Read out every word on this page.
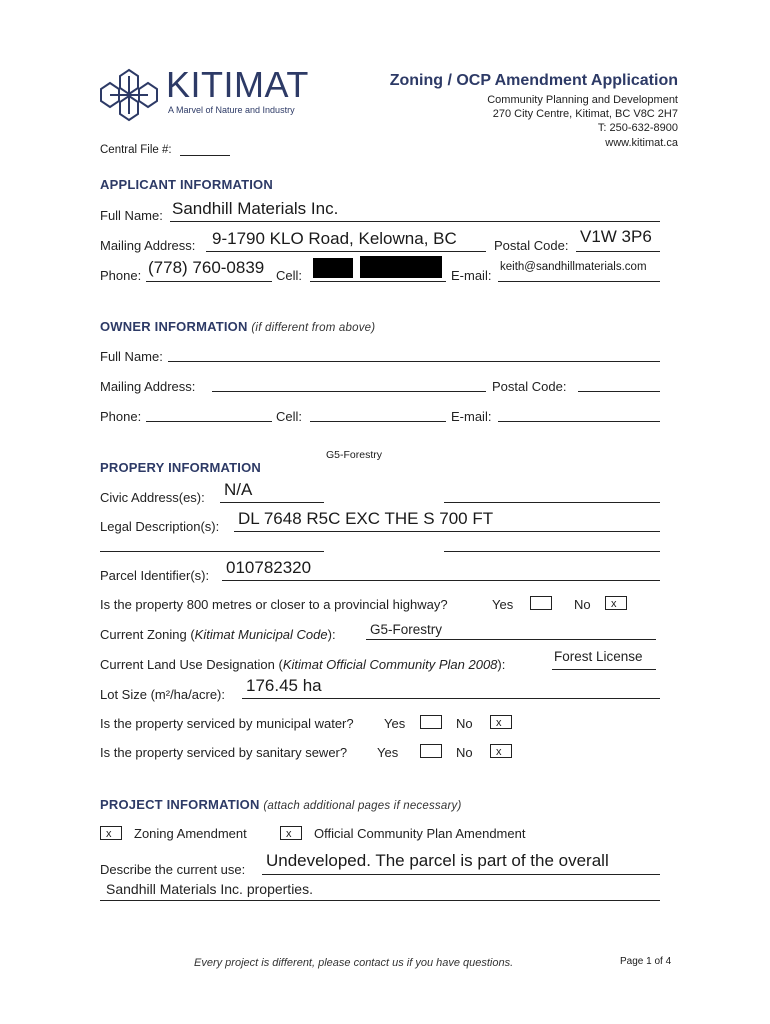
KITIMAT
A Marvel of Nature and Industry
Zoning / OCP Amendment Application
Community Planning and Development
270 City Centre, Kitimat, BC V8C 2H7
T: 250-632-8900
www.kitimat.ca
Central File #:
APPLICANT INFORMATION
Full Name: Sandhill Materials Inc.
Mailing Address: 9-1790 KLO Road, Kelowna, BC	Postal Code: V1W 3P6
Phone: (778) 760-0839 Cell:	E-mail:
keith@sandhillmaterials.com
OWNER INFORMATION (if different from above)
Full Name:
Mailing Address:	Postal Code:
Phone:	Cell:	E-mail:
G5-Forestry
PROPERY INFORMATION
Civic Address(es): N/A
Legal Description(s): DL 7648 R5C EXC THE S 700 FT
Parcel Identifier(s): 010782320
Is the property 800 metres or closer to a provincial highway?	Yes	No	x
Current Zoning (Kitimat Municipal Code):	G5-Forestry
Current Land Use Designation (Kitimat Official Community Plan 2008):
Forest License
Lot Size (m²/ha/acre): 176.45 ha
Is the property serviced by municipal water? Yes	No	x
Is the property serviced by sanitary sewer? Yes	No	x
PROJECT INFORMATION (attach additional pages if necessary)
x	Zoning Amendment	x	Official Community Plan Amendment
Describe the current use: Undeveloped. The parcel is part of the overall
Sandhill Materials Inc. properties.
Every project is different, please contact us if you have questions.	Page 1 of 4
